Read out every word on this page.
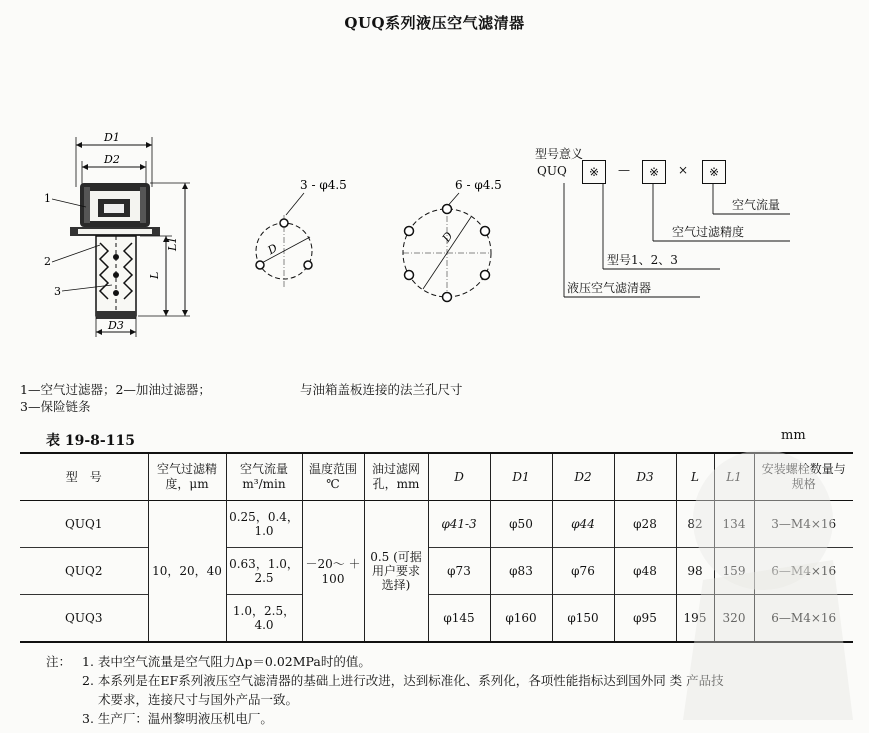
QUQ系列液压空气滤清器
D1
D2
D3
L1
L
1
2
3
3 - φ4.5
D
6 - φ4.5
D
型号意义
QUQ	※	—	※	×	※
空气流量
空气过滤精度
型号1、2、3
液压空气滤清器
1—空气过滤器；2—加油过滤器；
3—保险链条
与油箱盖板连接的法兰孔尺寸
表 19-8-115	mm
型　号	空气过滤精度，μm	空气流量 m³/min	温度范围 ℃	油过滤网孔，mm	D	D1	D2	D3	L	L1	安装螺栓数量与规格
QUQ1	10，20，40	0.25，0.4，1.0	－20～ ＋100	0.5 (可据用户要求选择)	φ41-3	φ50	φ44	φ28	82	134	3—M4×16
QUQ2		0.63，1.0，2.5			φ73	φ83	φ76	φ48	98	159	6—M4×16
QUQ3		1.0，2.5，4.0			φ145	φ160	φ150	φ95	195	320	6—M4×16
注： 1. 表中空气流量是空气阻力Δp＝0.02MPa时的值。
2. 本系列是在EF系列液压空气滤清器的基础上进行改进，达到标准化、系列化，各项性能指标达到国外同 类 产品技
术要求，连接尺寸与国外产品一致。
3. 生产厂：温州黎明液压机电厂。
